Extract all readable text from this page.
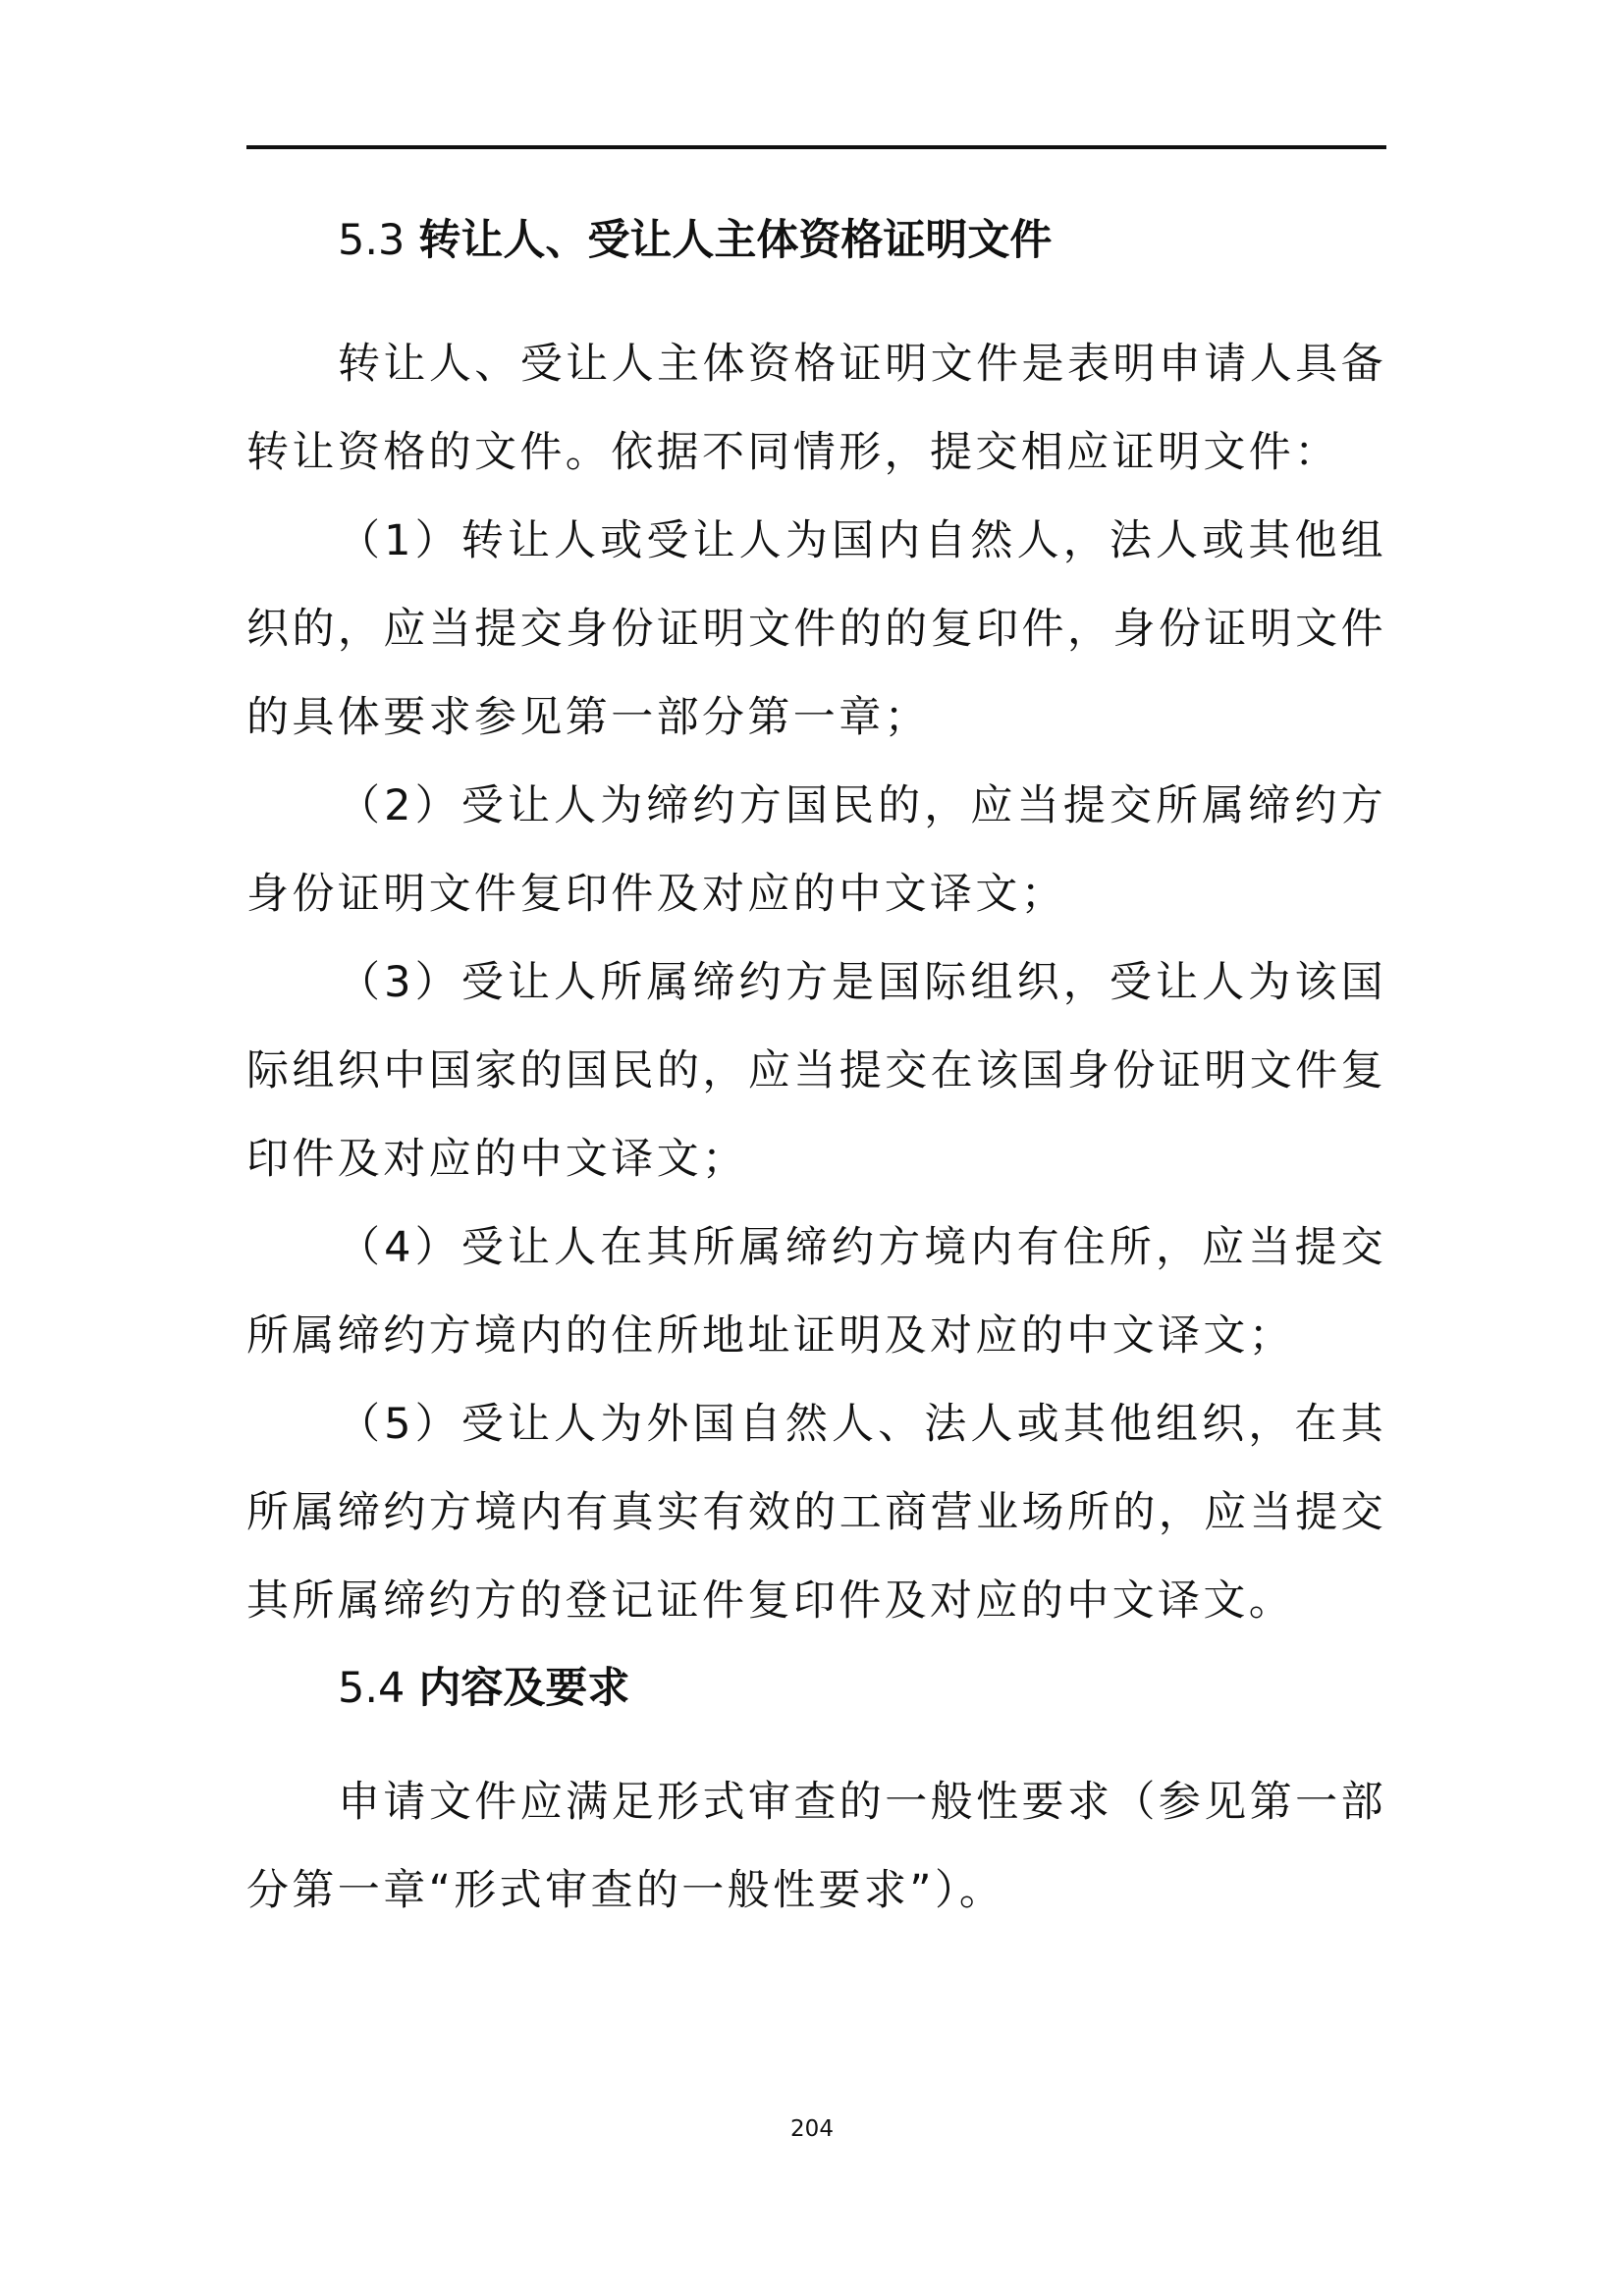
5.3 转让人、受让人主体资格证明文件

转让人、受让人主体资格证明文件是表明申请人具备转让资格的文件。依据不同情形，提交相应证明文件：

（1）转让人或受让人为国内自然人，法人或其他组织的，应当提交身份证明文件的的复印件，身份证明文件的具体要求参见第一部分第一章；

（2）受让人为缔约方国民的，应当提交所属缔约方身份证明文件复印件及对应的中文译文；

（3）受让人所属缔约方是国际组织，受让人为该国际组织中国家的国民的，应当提交在该国身份证明文件复印件及对应的中文译文；

（4）受让人在其所属缔约方境内有住所，应当提交所属缔约方境内的住所地址证明及对应的中文译文；

（5）受让人为外国自然人、法人或其他组织，在其所属缔约方境内有真实有效的工商营业场所的，应当提交其所属缔约方的登记证件复印件及对应的中文译文。

5.4 内容及要求

申请文件应满足形式审查的一般性要求（参见第一部分第一章“形式审查的一般性要求”）。

204
